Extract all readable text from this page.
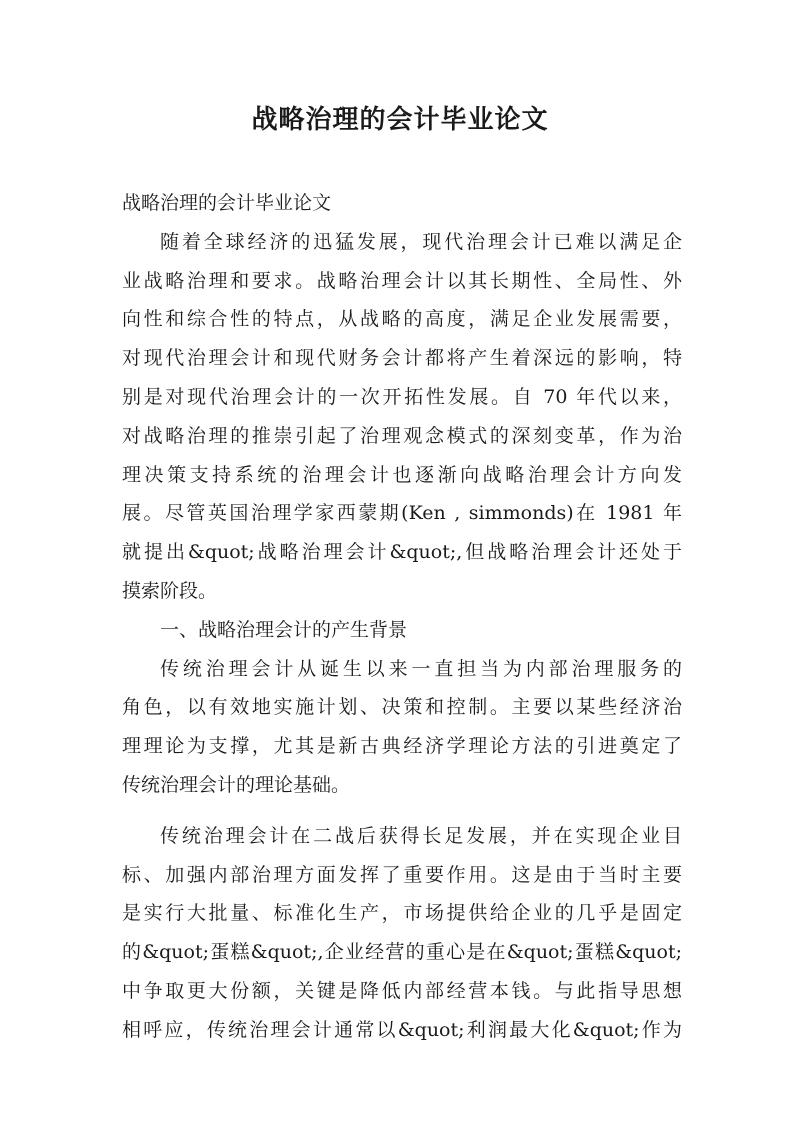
战略治理的会计毕业论文
战略治理的会计毕业论文
随着全球经济的迅猛发展，现代治理会计已难以满足企
业战略治理和要求。战略治理会计以其长期性、全局性、外
向性和综合性的特点，从战略的高度，满足企业发展需要，
对现代治理会计和现代财务会计都将产生着深远的影响，特
别是对现代治理会计的一次开拓性发展。自 70 年代以来，
对战略治理的推崇引起了治理观念模式的深刻变革，作为治
理决策支持系统的治理会计也逐渐向战略治理会计方向发
展。尽管英国治理学家西蒙期(Ken , simmonds)在 1981 年
就提出&quot;战略治理会计&quot;,但战略治理会计还处于
摸索阶段。
一、战略治理会计的产生背景
传统治理会计从诞生以来一直担当为内部治理服务的
角色，以有效地实施计划、决策和控制。主要以某些经济治
理理论为支撑，尤其是新古典经济学理论方法的引进奠定了
传统治理会计的理论基础。
传统治理会计在二战后获得长足发展，并在实现企业目
标、加强内部治理方面发挥了重要作用。这是由于当时主要
是实行大批量、标准化生产，市场提供给企业的几乎是固定
的&quot;蛋糕&quot;,企业经营的重心是在&quot;蛋糕&quot;
中争取更大份额，关键是降低内部经营本钱。与此指导思想
相呼应，传统治理会计通常以&quot;利润最大化&quot;作为
